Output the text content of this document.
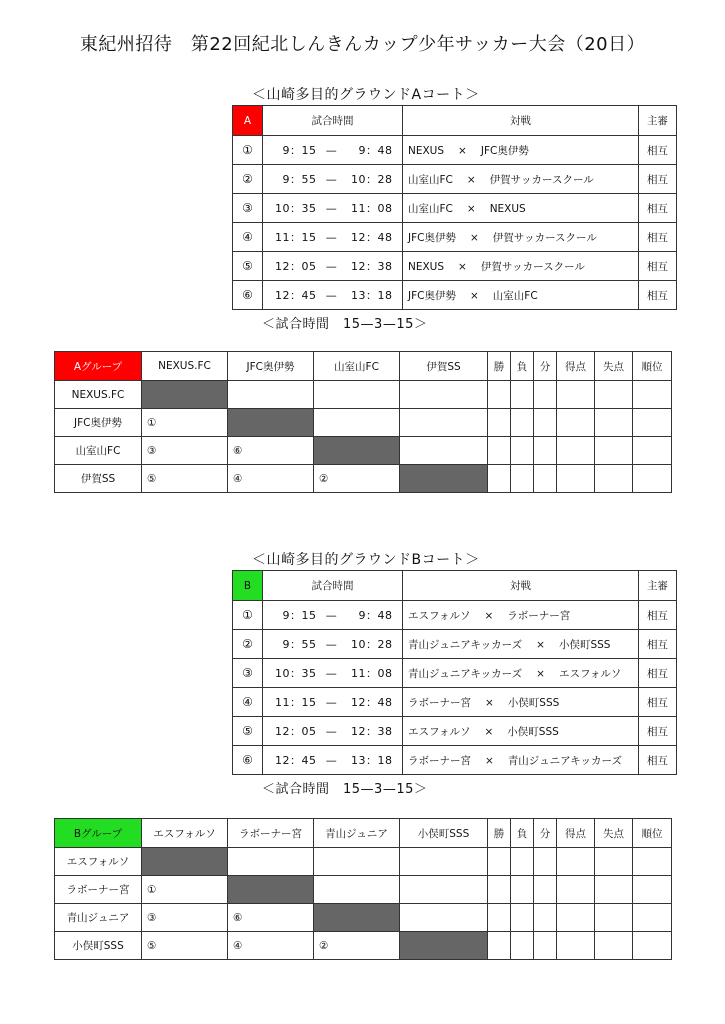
東紀州招待　第22回紀北しんきんカップ少年サッカー大会（20日）
＜山崎多目的グラウンドAコート＞
A	試合時間	対戦	主審
①	9：15 — 9：48	NEXUS × JFC奥伊勢	相互
②	9：55 — 10：28	山室山FC × 伊賀サッカースクール	相互
③	10：35 — 11：08	山室山FC × NEXUS	相互
④	11：15 — 12：48	JFC奥伊勢 × 伊賀サッカースクール	相互
⑤	12：05 — 12：38	NEXUS × 伊賀サッカースクール	相互
⑥	12：45 — 13：18	JFC奥伊勢 × 山室山FC	相互
＜試合時間　15—3—15＞
Aグループ	NEXUS.FC	JFC奥伊勢	山室山FC	伊賀SS	勝	負	分	得点	失点	順位
NEXUS.FC										
JFC奥伊勢	①									
山室山FC	③	⑥								
伊賀SS	⑤	④	②							
＜山崎多目的グラウンドBコート＞
B	試合時間	対戦	主審
①	9：15 — 9：48	エスフォルソ × ラボーナー宮	相互
②	9：55 — 10：28	青山ジュニアキッカーズ × 小俣町SSS	相互
③	10：35 — 11：08	青山ジュニアキッカーズ × エスフォルソ	相互
④	11：15 — 12：48	ラボーナー宮 × 小俣町SSS	相互
⑤	12：05 — 12：38	エスフォルソ × 小俣町SSS	相互
⑥	12：45 — 13：18	ラボーナー宮 × 青山ジュニアキッカーズ	相互
＜試合時間　15—3—15＞
Bグループ	エスフォルソ	ラボーナー宮	青山ジュニア	小俣町SSS	勝	負	分	得点	失点	順位
エスフォルソ										
ラボーナー宮	①									
青山ジュニア	③	⑥								
小俣町SSS	⑤	④	②							
